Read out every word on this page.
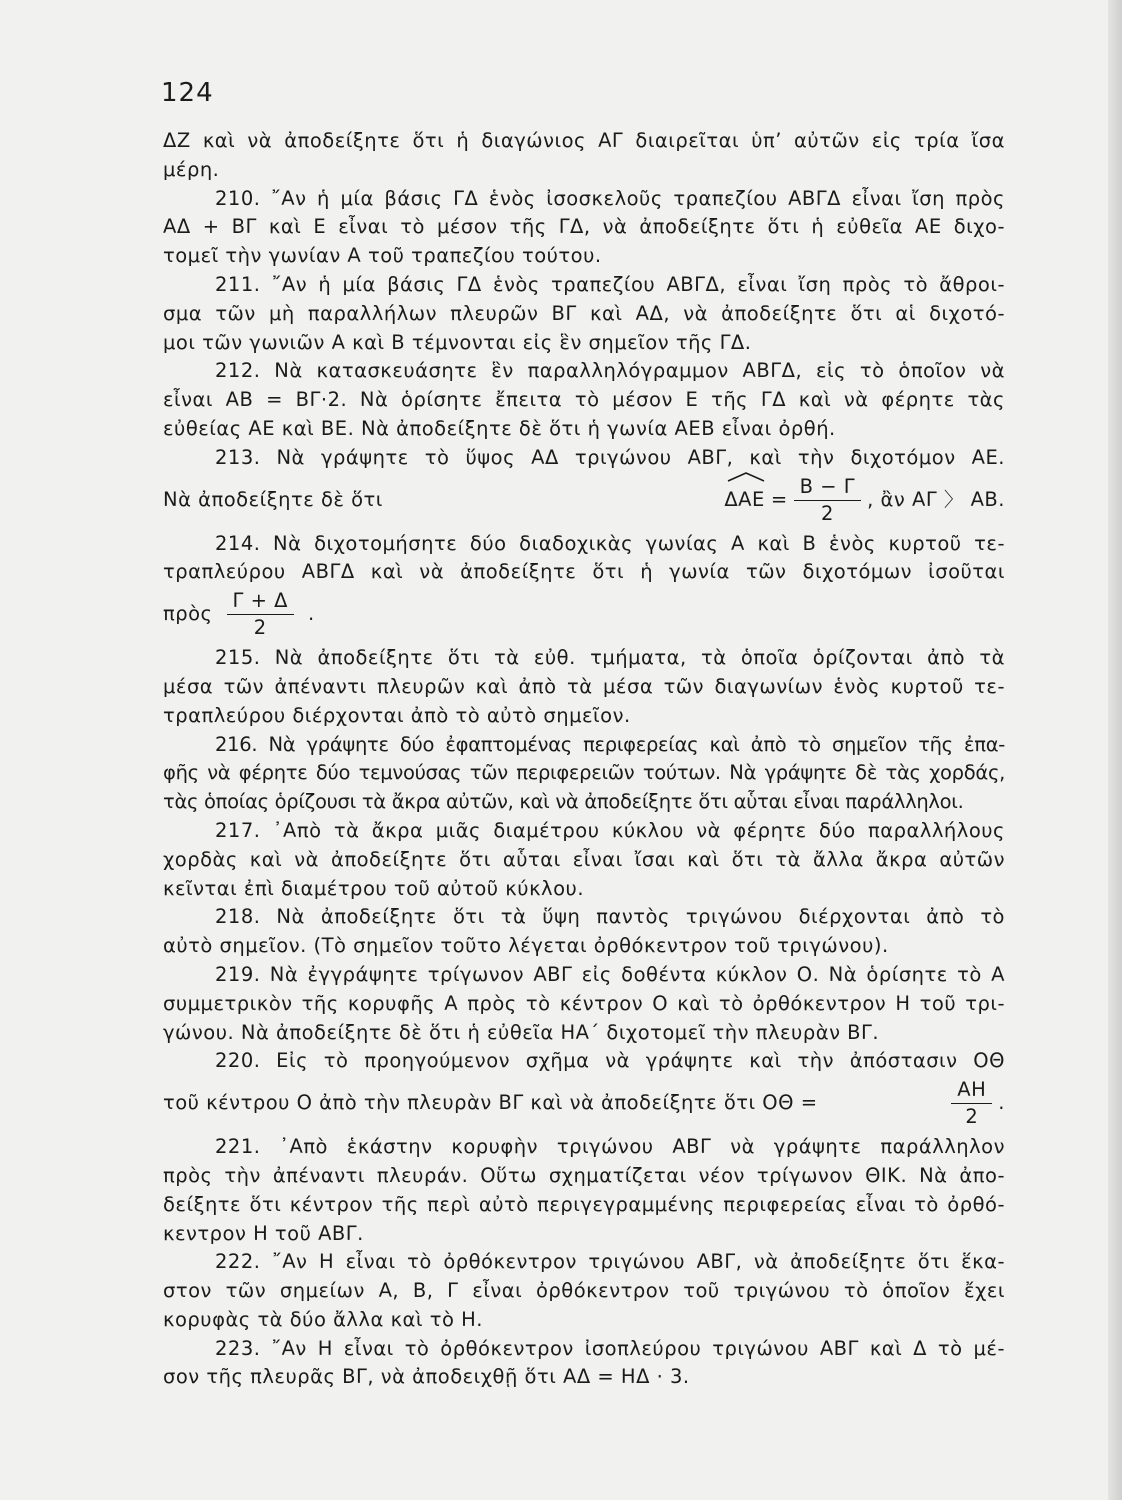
124
ΔΖ καὶ νὰ ἀποδείξητε ὅτι ἡ διαγώνιος ΑΓ διαιρεῖται ὑπ’ αὐτῶν εἰς τρία ἴσα
μέρη.
210. ῎Αν ἡ μία βάσις ΓΔ ἑνὸς ἰσοσκελοῦς τραπεζίου ΑΒΓΔ εἶναι ἴση πρὸς
ΑΔ + ΒΓ καὶ Ε εἶναι τὸ μέσον τῆς ΓΔ, νὰ ἀποδείξητε ὅτι ἡ εὐθεῖα ΑΕ διχο-
τομεῖ τὴν γωνίαν Α τοῦ τραπεζίου τούτου.
211. ῎Αν ἡ μία βάσις ΓΔ ἑνὸς τραπεζίου ΑΒΓΔ, εἶναι ἴση πρὸς τὸ ἄθροι-
σμα τῶν μὴ παραλλήλων πλευρῶν ΒΓ καὶ ΑΔ, νὰ ἀποδείξητε ὅτι αἱ διχοτό-
μοι τῶν γωνιῶν Α καὶ Β τέμνονται εἰς ἓν σημεῖον τῆς ΓΔ.
212. Νὰ κατασκευάσητε ἓν παραλληλόγραμμον ΑΒΓΔ, εἰς τὸ ὁποῖον νὰ
εἶναι ΑΒ = ΒΓ·2. Νὰ ὁρίσητε ἔπειτα τὸ μέσον Ε τῆς ΓΔ καὶ νὰ φέρητε τὰς
εὐθείας ΑΕ καὶ ΒΕ. Νὰ ἀποδείξητε δὲ ὅτι ἡ γωνία ΑΕΒ εἶναι ὀρθή.
213. Νὰ γράψητε τὸ ὕψος ΑΔ τριγώνου ΑΒΓ, καὶ τὴν διχοτόμον ΑΕ.
Νὰ ἀποδείξητε δὲ ὅτι	$\Delta AE = \frac{B - \Gamma}{2}$ , ἂν ΑΓ 〉 ΑΒ.
214. Νὰ διχοτομήσητε δύο διαδοχικὰς γωνίας Α καὶ Β ἑνὸς κυρτοῦ τε-
τραπλεύρου ΑΒΓΔ καὶ νὰ ἀποδείξητε ὅτι ἡ γωνία τῶν διχοτόμων ἰσοῦται
πρὸς $\frac{\Gamma + \Delta}{2}$ .
215. Νὰ ἀποδείξητε ὅτι τὰ εὐθ. τμήματα, τὰ ὁποῖα ὁρίζονται ἀπὸ τὰ
μέσα τῶν ἀπέναντι πλευρῶν καὶ ἀπὸ τὰ μέσα τῶν διαγωνίων ἑνὸς κυρτοῦ τε-
τραπλεύρου διέρχονται ἀπὸ τὸ αὐτὸ σημεῖον.
216. Νὰ γράψητε δύο ἐφαπτομένας περιφερείας καὶ ἀπὸ τὸ σημεῖον τῆς ἐπα-
φῆς νὰ φέρητε δύο τεμνούσας τῶν περιφερειῶν τούτων. Νὰ γράψητε δὲ τὰς χορδάς,
τὰς ὁποίας ὁρίζουσι τὰ ἄκρα αὐτῶν, καὶ νὰ ἀποδείξητε ὅτι αὗται εἶναι παράλληλοι.
217. ᾿Απὸ τὰ ἄκρα μιᾶς διαμέτρου κύκλου νὰ φέρητε δύο παραλλήλους
χορδὰς καὶ νὰ ἀποδείξητε ὅτι αὗται εἶναι ἴσαι καὶ ὅτι τὰ ἄλλα ἄκρα αὐτῶν
κεῖνται ἐπὶ διαμέτρου τοῦ αὐτοῦ κύκλου.
218. Νὰ ἀποδείξητε ὅτι τὰ ὕψη παντὸς τριγώνου διέρχονται ἀπὸ τὸ
αὐτὸ σημεῖον. (Τὸ σημεῖον τοῦτο λέγεται ὀρθόκεντρον τοῦ τριγώνου).
219. Νὰ ἐγγράψητε τρίγωνον ΑΒΓ εἰς δοθέντα κύκλον Ο. Νὰ ὁρίσητε τὸ Α
συμμετρικὸν τῆς κορυφῆς Α πρὸς τὸ κέντρον Ο καὶ τὸ ὀρθόκεντρον Η τοῦ τρι-
γώνου. Νὰ ἀποδείξητε δὲ ὅτι ἡ εὐθεῖα ΗΑ΄ διχοτομεῖ τὴν πλευρὰν ΒΓ.
220. Εἰς τὸ προηγούμενον σχῆμα νὰ γράψητε καὶ τὴν ἀπόστασιν ΟΘ
τοῦ κέντρου Ο ἀπὸ τὴν πλευρὰν ΒΓ καὶ νὰ ἀποδείξητε ὅτι ΟΘ =	$\frac{AH}{2}$ .
221. ᾿Απὸ ἑκάστην κορυφὴν τριγώνου ΑΒΓ νὰ γράψητε παράλληλον
πρὸς τὴν ἀπέναντι πλευράν. Οὕτω σχηματίζεται νέον τρίγωνον ΘΙΚ. Νὰ ἀπο-
δείξητε ὅτι κέντρον τῆς περὶ αὐτὸ περιγεγραμμένης περιφερείας εἶναι τὸ ὀρθό-
κεντρον Η τοῦ ΑΒΓ.
222. ῎Αν Η εἶναι τὸ ὀρθόκεντρον τριγώνου ΑΒΓ, νὰ ἀποδείξητε ὅτι ἕκα-
στον τῶν σημείων Α, Β, Γ εἶναι ὀρθόκεντρον τοῦ τριγώνου τὸ ὁποῖον ἔχει
κορυφὰς τὰ δύο ἄλλα καὶ τὸ Η.
223. ῎Αν Η εἶναι τὸ ὀρθόκεντρον ἰσοπλεύρου τριγώνου ΑΒΓ καὶ Δ τὸ μέ-
σον τῆς πλευρᾶς ΒΓ, νὰ ἀποδειχθῇ ὅτι ΑΔ = ΗΔ · 3.
